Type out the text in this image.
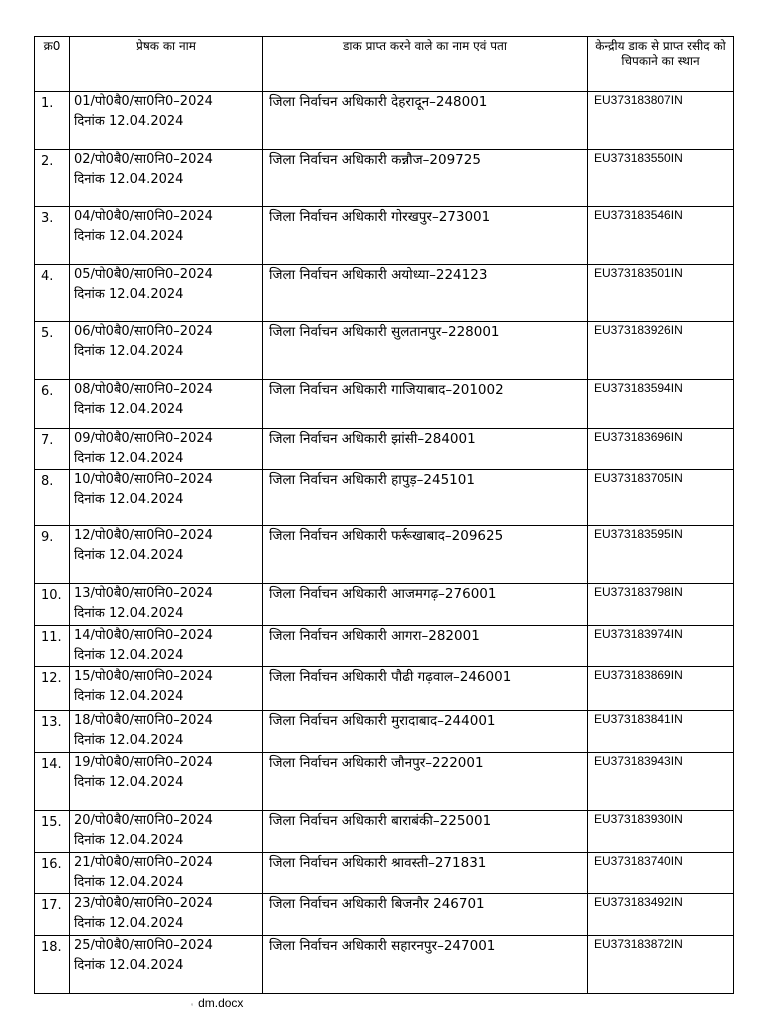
क्र0	प्रेषक का नाम	डाक प्राप्त करने वाले का नाम एवं पता	केन्द्रीय डाक से प्राप्त रसीद को चिपकाने का स्थान

1.	01/पो0बै0/सा0नि0–2024
दिनांक 12.04.2024	जिला निर्वाचन अधिकारी देहरादून–248001	EU373183807IN

2.	02/पो0बै0/सा0नि0–2024
दिनांक 12.04.2024	जिला निर्वाचन अधिकारी कन्नौज–209725	EU373183550IN

3.	04/पो0बै0/सा0नि0–2024
दिनांक 12.04.2024	जिला निर्वाचन अधिकारी गोरखपुर–273001	EU373183546IN

4.	05/पो0बै0/सा0नि0–2024
दिनांक 12.04.2024	जिला निर्वाचन अधिकारी अयोध्या–224123	EU373183501IN

5.	06/पो0बै0/सा0नि0–2024
दिनांक 12.04.2024	जिला निर्वाचन अधिकारी सुलतानपुर–228001	EU373183926IN

6.	08/पो0बै0/सा0नि0–2024
दिनांक 12.04.2024	जिला निर्वाचन अधिकारी गाजियाबाद–201002	EU373183594IN

7.	09/पो0बै0/सा0नि0–2024
दिनांक 12.04.2024	जिला निर्वाचन अधिकारी झांसी–284001	EU373183696IN

8.	10/पो0बै0/सा0नि0–2024
दिनांक 12.04.2024	जिला निर्वाचन अधिकारी हापुड़–245101	EU373183705IN

9.	12/पो0बै0/सा0नि0–2024
दिनांक 12.04.2024	जिला निर्वाचन अधिकारी फर्रूखाबाद–209625	EU373183595IN

10.	13/पो0बै0/सा0नि0–2024
दिनांक 12.04.2024	जिला निर्वाचन अधिकारी आजमगढ़–276001	EU373183798IN

11.	14/पो0बै0/सा0नि0–2024
दिनांक 12.04.2024	जिला निर्वाचन अधिकारी आगरा–282001	EU373183974IN

12.	15/पो0बै0/सा0नि0–2024
दिनांक 12.04.2024	जिला निर्वाचन अधिकारी पौढी गढ़वाल–246001	EU373183869IN

13.	18/पो0बै0/सा0नि0–2024
दिनांक 12.04.2024	जिला निर्वाचन अधिकारी मुरादाबाद–244001	EU373183841IN

14.	19/पो0बै0/सा0नि0–2024
दिनांक 12.04.2024	जिला निर्वाचन अधिकारी जौनपुर–222001	EU373183943IN

15.	20/पो0बै0/सा0नि0–2024
दिनांक 12.04.2024	जिला निर्वाचन अधिकारी बाराबंकी–225001	EU373183930IN

16.	21/पो0बै0/सा0नि0–2024
दिनांक 12.04.2024	जिला निर्वाचन अधिकारी श्रावस्ती–271831	EU373183740IN

17.	23/पो0बै0/सा0नि0–2024
दिनांक 12.04.2024	जिला निर्वाचन अधिकारी बिजनौर 246701	EU373183492IN

18.	25/पो0बै0/सा0नि0–2024
दिनांक 12.04.2024	जिला निर्वाचन अधिकारी सहारनपुर–247001	EU373183872IN
₀ dm.docx
